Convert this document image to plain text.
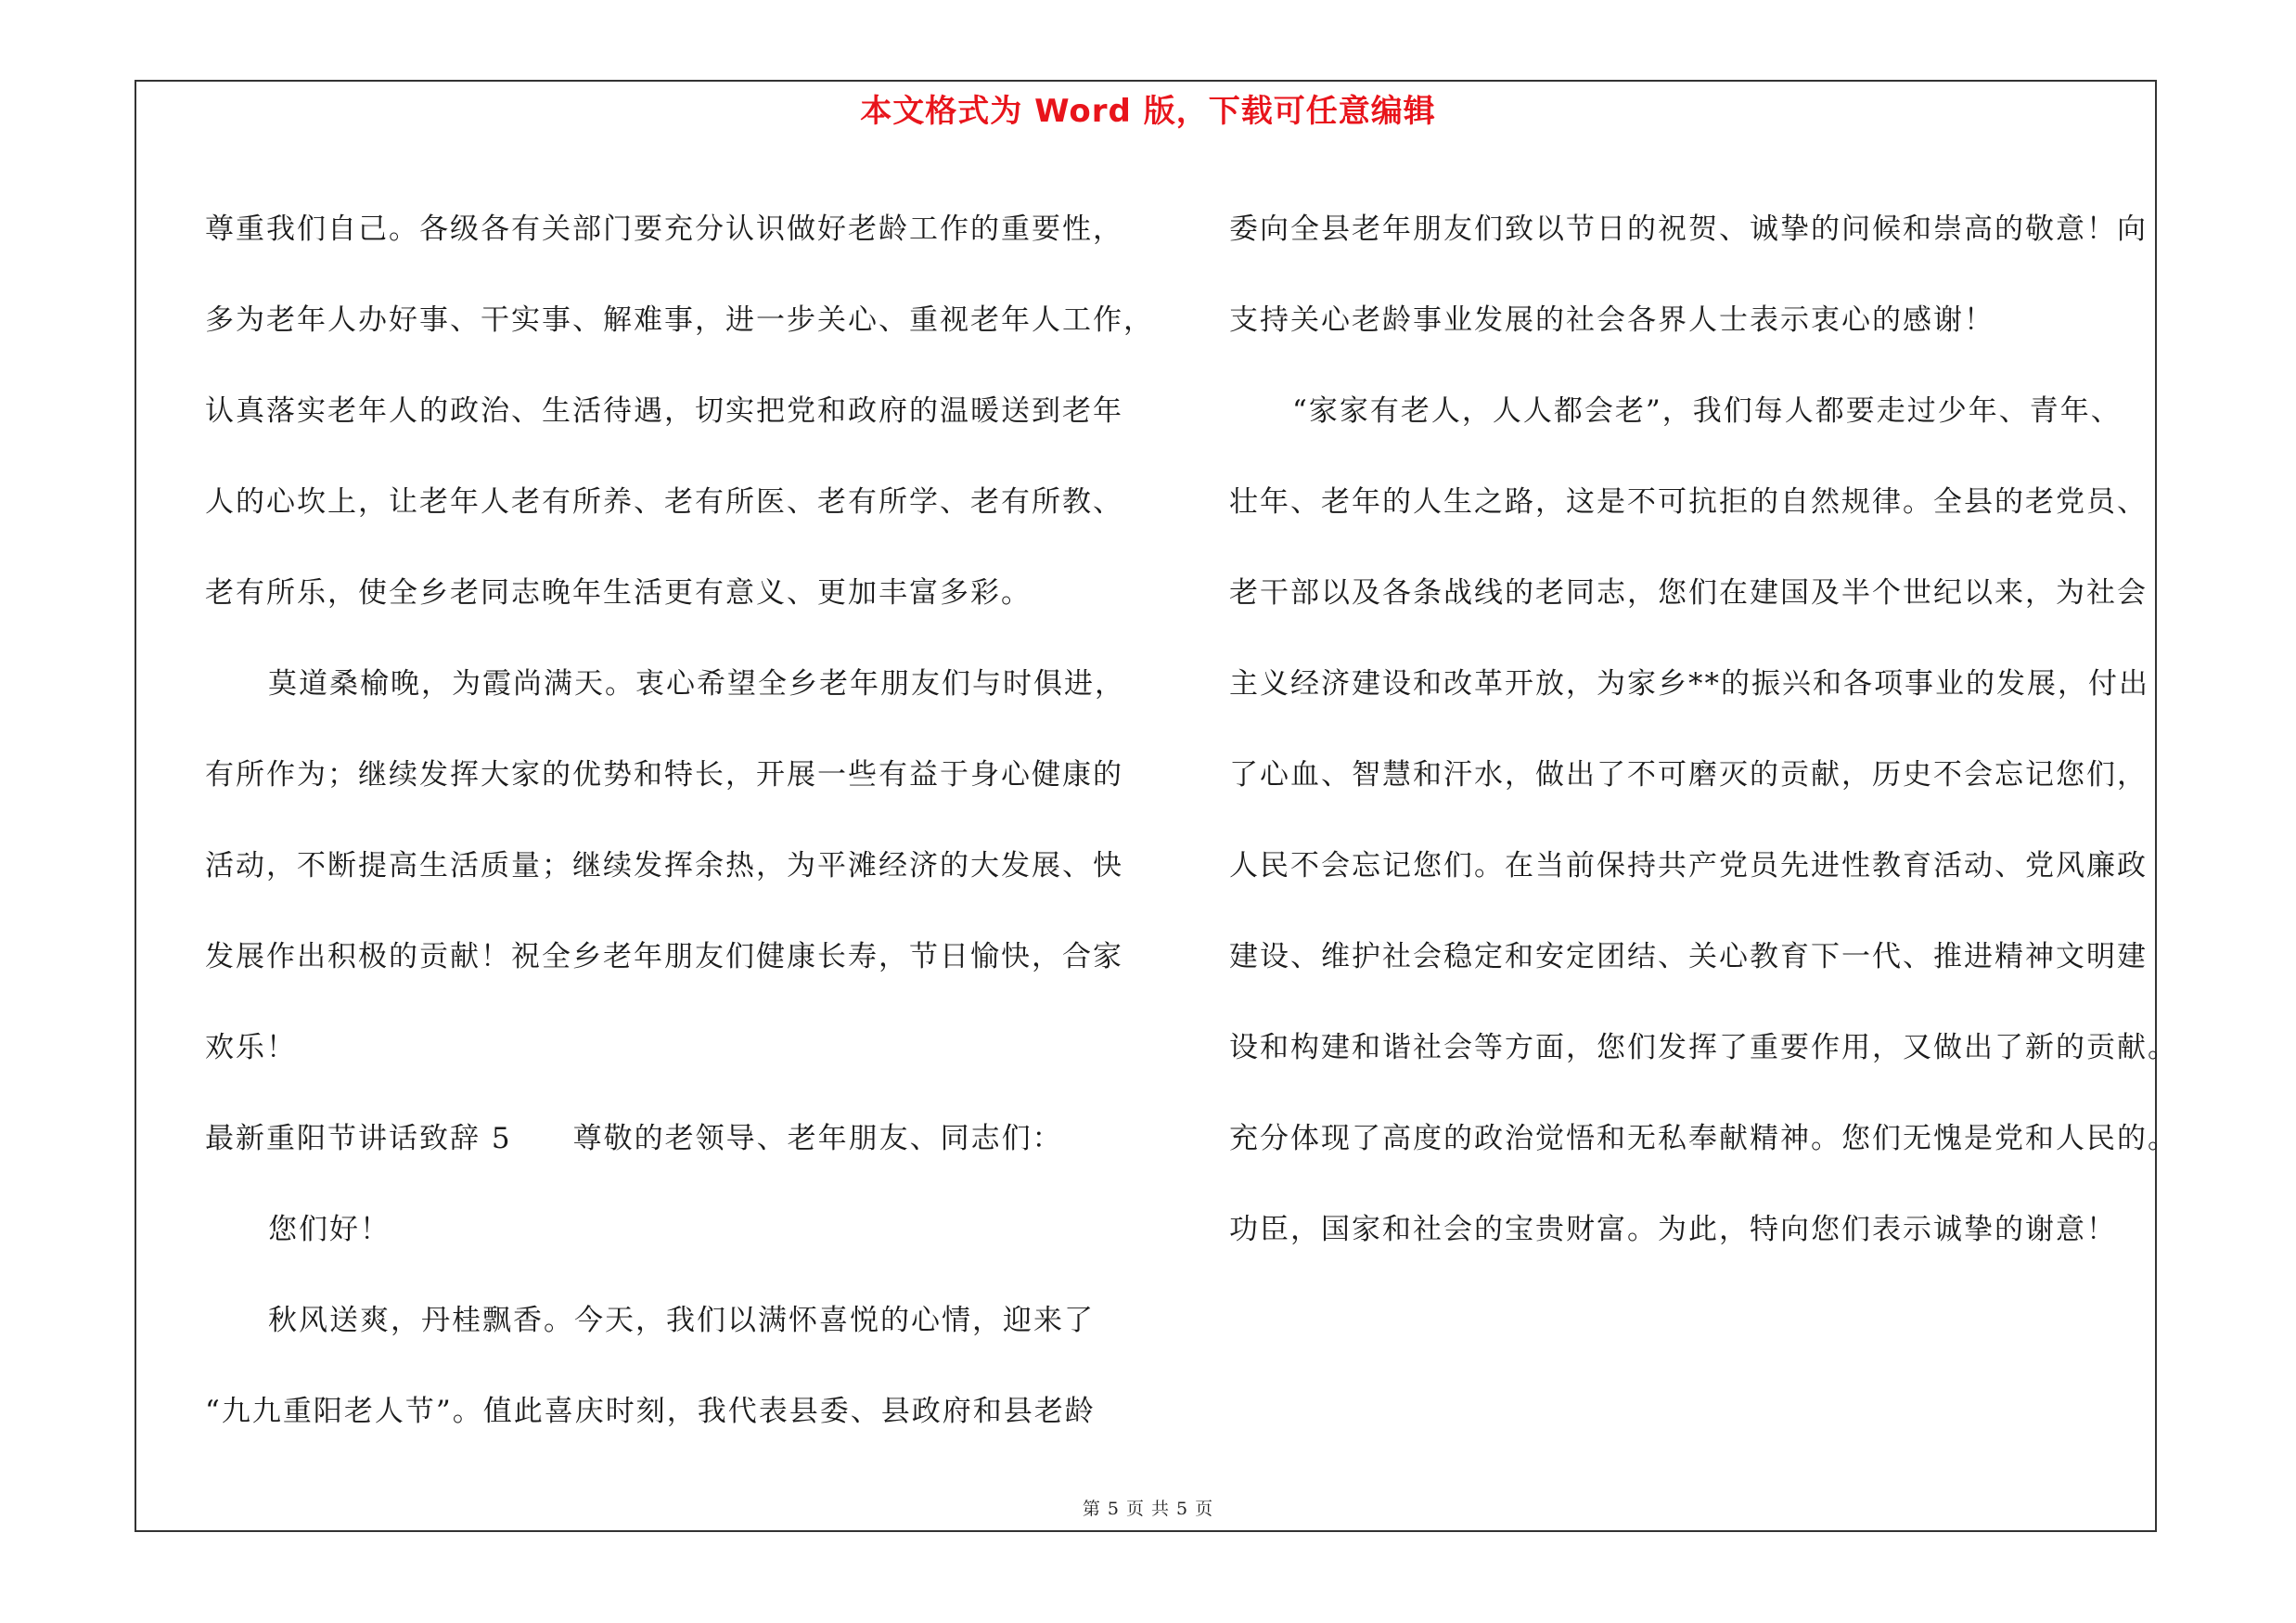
本文格式为 Word 版，下载可任意编辑
尊重我们自己。各级各有关部门要充分认识做好老龄工作的重要性，
多为老年人办好事、干实事、解难事，进一步关心、重视老年人工作，
认真落实老年人的政治、生活待遇，切实把党和政府的温暖送到老年
人的心坎上，让老年人老有所养、老有所医、老有所学、老有所教、
老有所乐，使全乡老同志晚年生活更有意义、更加丰富多彩。
莫道桑榆晚，为霞尚满天。衷心希望全乡老年朋友们与时俱进，
有所作为；继续发挥大家的优势和特长，开展一些有益于身心健康的
活动，不断提高生活质量；继续发挥余热，为平滩经济的大发展、快
发展作出积极的贡献！祝全乡老年朋友们健康长寿，节日愉快，合家
欢乐！
最新重阳节讲话致辞 5　　尊敬的老领导、老年朋友、同志们：
您们好！
秋风送爽，丹桂飘香。今天，我们以满怀喜悦的心情，迎来了
“九九重阳老人节”。值此喜庆时刻，我代表县委、县政府和县老龄
委向全县老年朋友们致以节日的祝贺、诚挚的问候和崇高的敬意！向
支持关心老龄事业发展的社会各界人士表示衷心的感谢！
“家家有老人，人人都会老”，我们每人都要走过少年、青年、
壮年、老年的人生之路，这是不可抗拒的自然规律。全县的老党员、
老干部以及各条战线的老同志，您们在建国及半个世纪以来，为社会
主义经济建设和改革开放，为家乡**的振兴和各项事业的发展，付出
了心血、智慧和汗水，做出了不可磨灭的贡献，历史不会忘记您们，
人民不会忘记您们。在当前保持共产党员先进性教育活动、党风廉政
建设、维护社会稳定和安定团结、关心教育下一代、推进精神文明建
设和构建和谐社会等方面，您们发挥了重要作用，又做出了新的贡献。
充分体现了高度的政治觉悟和无私奉献精神。您们无愧是党和人民的。
功臣，国家和社会的宝贵财富。为此，特向您们表示诚挚的谢意！
第 5 页 共 5 页
